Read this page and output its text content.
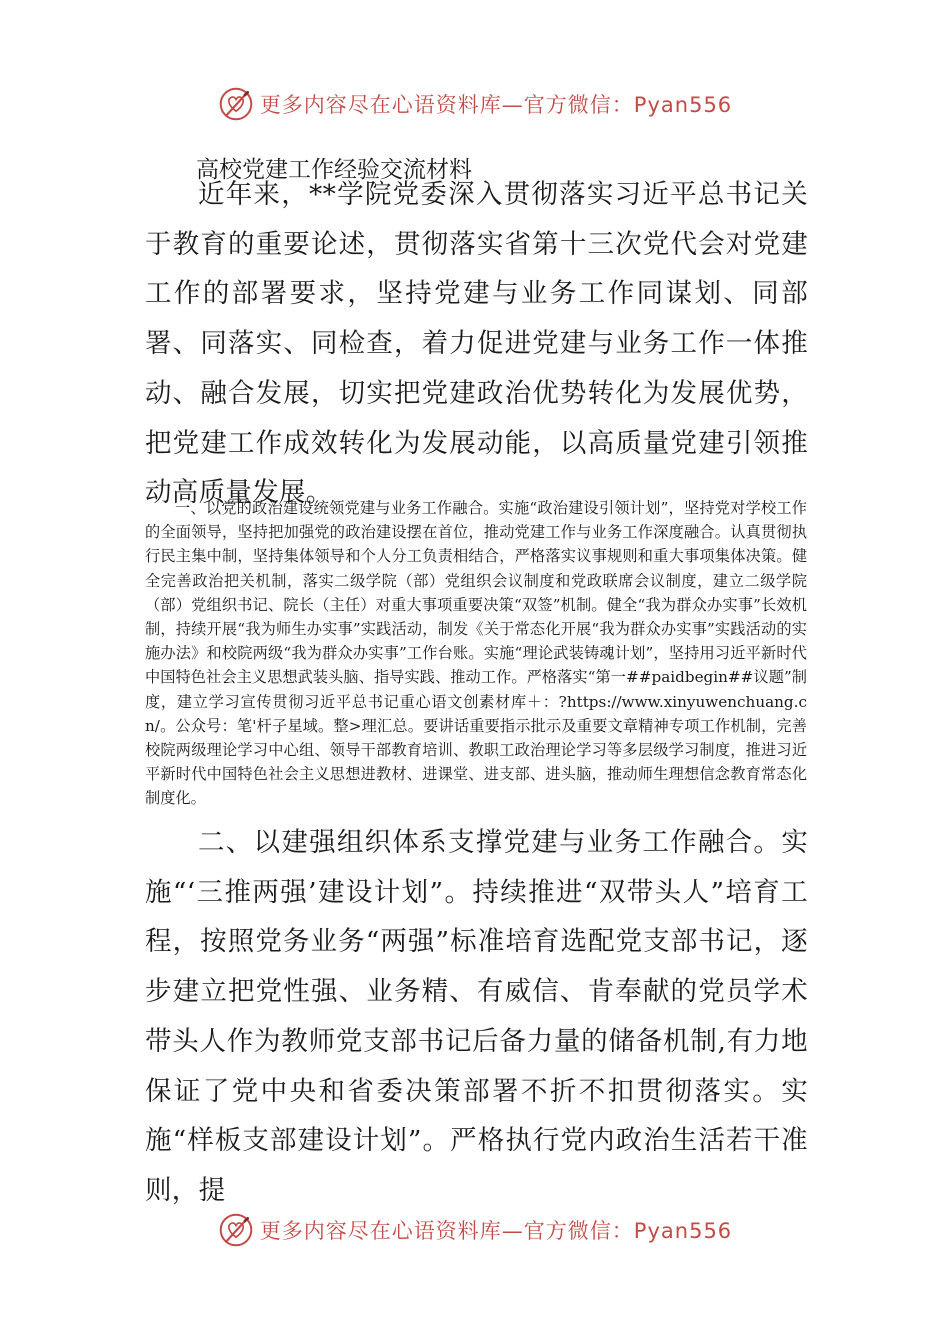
更多内容尽在心语资料库—官方微信：Pyan556
高校党建工作经验交流材料
近年来，**学院党委深入贯彻落实习近平总书记关于教育的重要论述，贯彻落实省第十三次党代会对党建工作的部署要求，坚持党建与业务工作同谋划、同部署、同落实、同检查，着力促进党建与业务工作一体推动、融合发展，切实把党建政治优势转化为发展优势，把党建工作成效转化为发展动能，以高质量党建引领推动高质量发展。
一、以党的政治建设统领党建与业务工作融合。实施“政治建设引领计划”，坚持党对学校工作的全面领导，坚持把加强党的政治建设摆在首位，推动党建工作与业务工作深度融合。认真贯彻执行民主集中制，坚持集体领导和个人分工负责相结合，严格落实议事规则和重大事项集体决策。健全完善政治把关机制，落实二级学院（部）党组织会议制度和党政联席会议制度，建立二级学院（部）党组织书记、院长（主任）对重大事项重要决策“双签”机制。健全“我为群众办实事”长效机制，持续开展“我为师生办实事”实践活动，制发《关于常态化开展“我为群众办实事”实践活动的实施办法》和校院两级“我为群众办实事”工作台账。实施“理论武装铸魂计划”，坚持用习近平新时代中国特色社会主义思想武装头脑、指导实践、推动工作。严格落实“第一##paidbegin##议题”制度，建立学习宣传贯彻习近平总书记重心语文创素材库＋：?https://www.xinyuwenchuang.cn/。公众号：笔'杆子星域。整>理汇总。要讲话重要指示批示及重要文章精神专项工作机制，完善校院两级理论学习中心组、领导干部教育培训、教职工政治理论学习等多层级学习制度，推进习近平新时代中国特色社会主义思想进教材、进课堂、进支部、进头脑，推动师生理想信念教育常态化制度化。
二、以建强组织体系支撑党建与业务工作融合。实施“‘三推两强’建设计划”。持续推进“双带头人”培育工程，按照党务业务“两强”标准培育选配党支部书记，逐步建立把党性强、业务精、有威信、肯奉献的党员学术带头人作为教师党支部书记后备力量的储备机制,有力地保证了党中央和省委决策部署不折不扣贯彻落实。实施“样板支部建设计划”。严格执行党内政治生活若干准则，提
更多内容尽在心语资料库—官方微信：Pyan556
